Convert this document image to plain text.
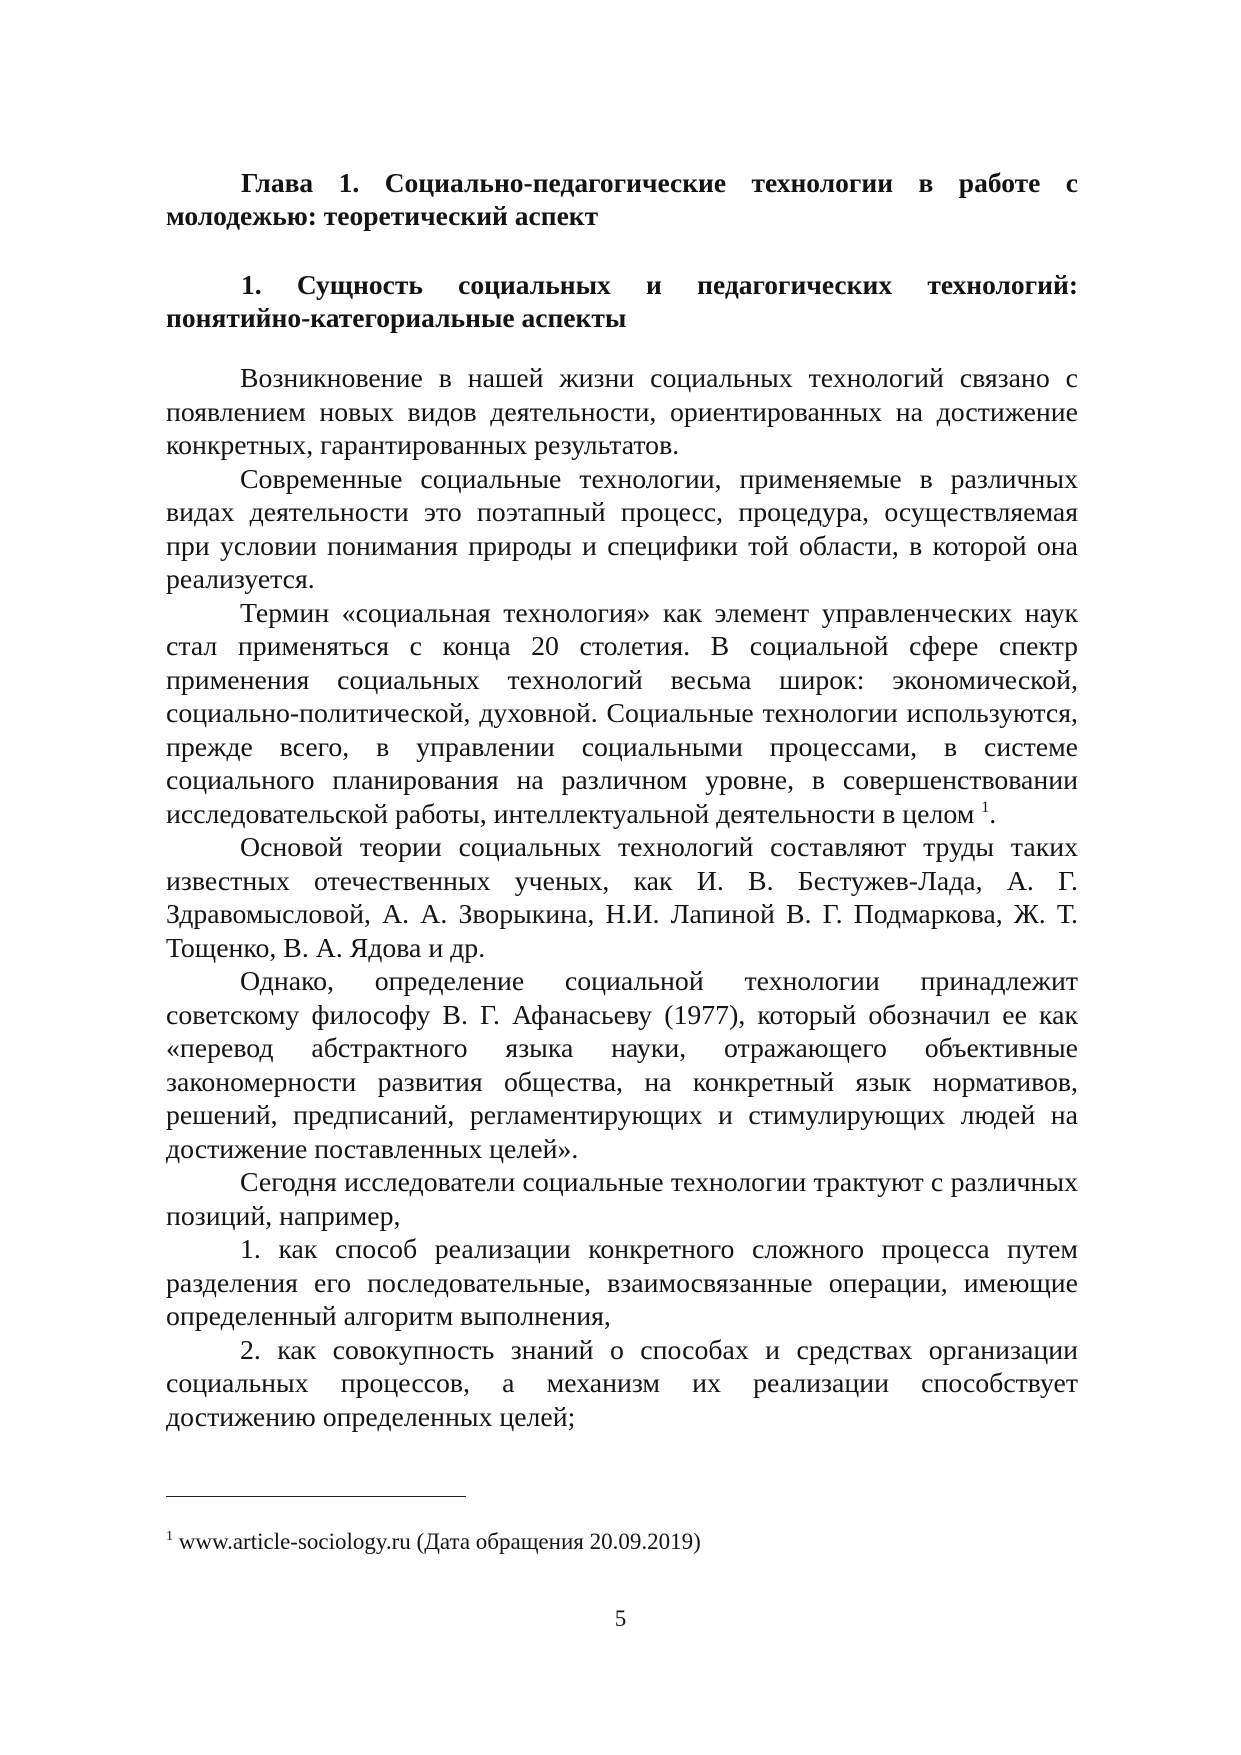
Глава 1. Социально-педагогические технологии в работе с молодежью: теоретический аспект
1. Сущность социальных и педагогических технологий: понятийно-категориальные аспекты

Возникновение в нашей жизни социальных технологий связано с появлением новых видов деятельности, ориентированных на достижение конкретных, гарантированных результатов.

Современные социальные технологии, применяемые в различных видах деятельности это поэтапный процесс, процедура, осуществляемая при условии понимания природы и специфики той области, в которой она реализуется.

Термин «социальная технология» как элемент управленческих наук стал применяться с конца 20 столетия. В социальной сфере спектр применения социальных технологий весьма широк: экономической, социально-политической, духовной. Социальные технологии используются, прежде всего, в управлении социальными процессами, в системе социального планирования на различном уровне, в совершенствовании исследовательской работы, интеллектуальной деятельности в целом $^1$.

Основой теории социальных технологий составляют труды таких известных отечественных ученых, как И. В. Бестужев-Лада, А. Г. Здравомысловой, А. А. Зворыкина, Н.И. Лапиной В. Г. Подмаркова, Ж. Т. Тощенко, В. А. Ядова и др.

Однако, определение социальной технологии принадлежит советскому философу В. Г. Афанасьеву (1977), который обозначил ее как «перевод абстрактного языка науки, отражающего объективные закономерности развития общества, на конкретный язык нормативов, решений, предписаний, регламентирующих и стимулирующих людей на достижение поставленных целей».

Сегодня исследователи социальные технологии трактуют с различных позиций, например,

1. как способ реализации конкретного сложного процесса путем разделения его последовательные, взаимосвязанные операции, имеющие определенный алгоритм выполнения,

2. как совокупность знаний о способах и средствах организации социальных процессов, а механизм их реализации способствует достижению определенных целей;

$^1$ www.article-sociology.ru (Дата обращения 20.09.2019)

5
